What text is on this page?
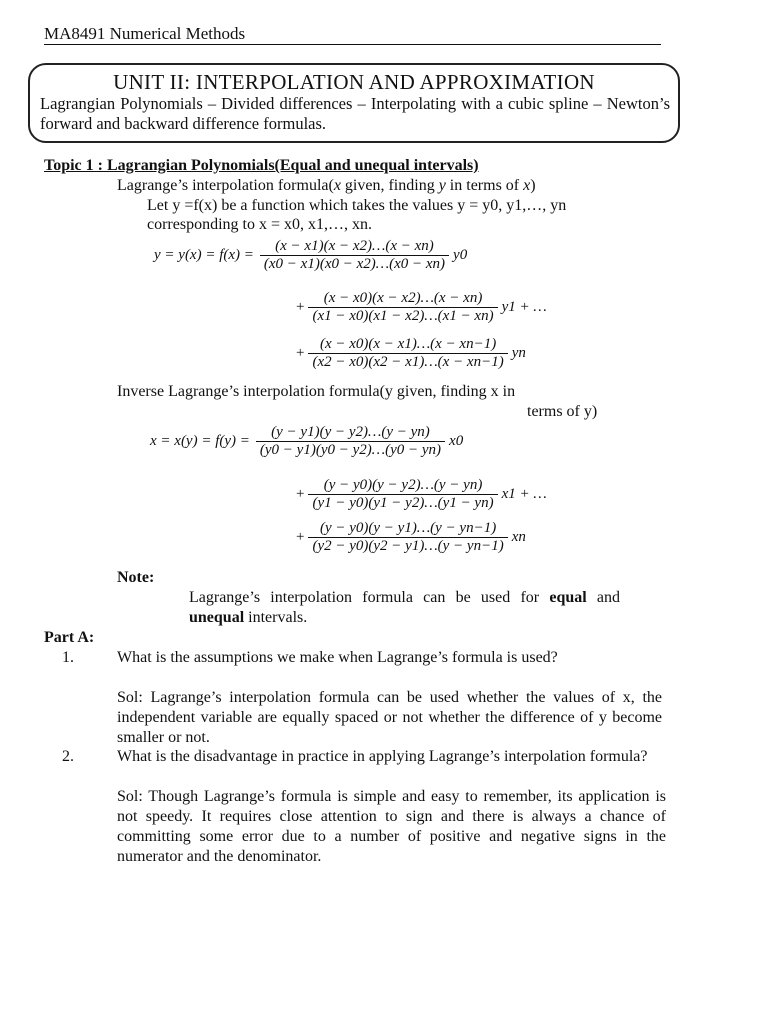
MA8491 Numerical Methods
UNIT II: INTERPOLATION AND APPROXIMATION
Lagrangian Polynomials – Divided differences – Interpolating with a cubic spline – Newton’s forward and backward difference formulas.
Topic 1 : Lagrangian Polynomials(Equal and unequal intervals)
Lagrange’s interpolation formula(x given, finding y in terms of x)
Let y =f(x) be a function which takes the values y = y0, y1,…, yn
corresponding to x = x0, x1,…, xn.
$y = y(x) = f(x) = \frac{(x - x1)(x - x2)\dots(x - xn)}{(x0 - x1)(x0 - x2)\dots(x0 - xn)} y0$
+ $\frac{(x - x0)(x - x2)\dots(x - xn)}{(x1 - x0)(x1 - x2)\dots(x1 - xn)} y1$ + …
+ $\frac{(x - x0)(x - x1)\dots(x - xn-1)}{(x2 - x0)(x2 - x1)\dots(x - xn-1)}$ yn
Inverse Lagrange’s interpolation formula(y given, finding x in
terms of y)
$x = x(y) = f(y) = \frac{(y - y1)(y - y2)\dots(y - yn)}{(y0 - y1)(y0 - y2)\dots(y0 - yn)} x0$
+ $\frac{(y - y0)(y - y2)\dots(y - yn)}{(y1 - y0)(y1 - y2)\dots(y1 - yn)} x1$ + …
+ $\frac{(y - y0)(y - y1)\dots(y - yn-1)}{(y2 - y0)(y2 - y1)\dots(y - yn-1)}$ xn
Note:
Lagrange’s interpolation formula can be used for equal and unequal intervals.
Part A:
1.	What is the assumptions we make when Lagrange’s formula is used?
Sol: Lagrange’s interpolation formula can be used whether the values of x, the independent variable are equally spaced or not whether the difference of y become smaller or not.
2.	What is the disadvantage in practice in applying Lagrange’s interpolation formula?
Sol: Though Lagrange’s formula is simple and easy to remember, its application is not speedy. It requires close attention to sign and there is always a chance of committing some error due to a number of positive and negative signs in the numerator and the denominator.
